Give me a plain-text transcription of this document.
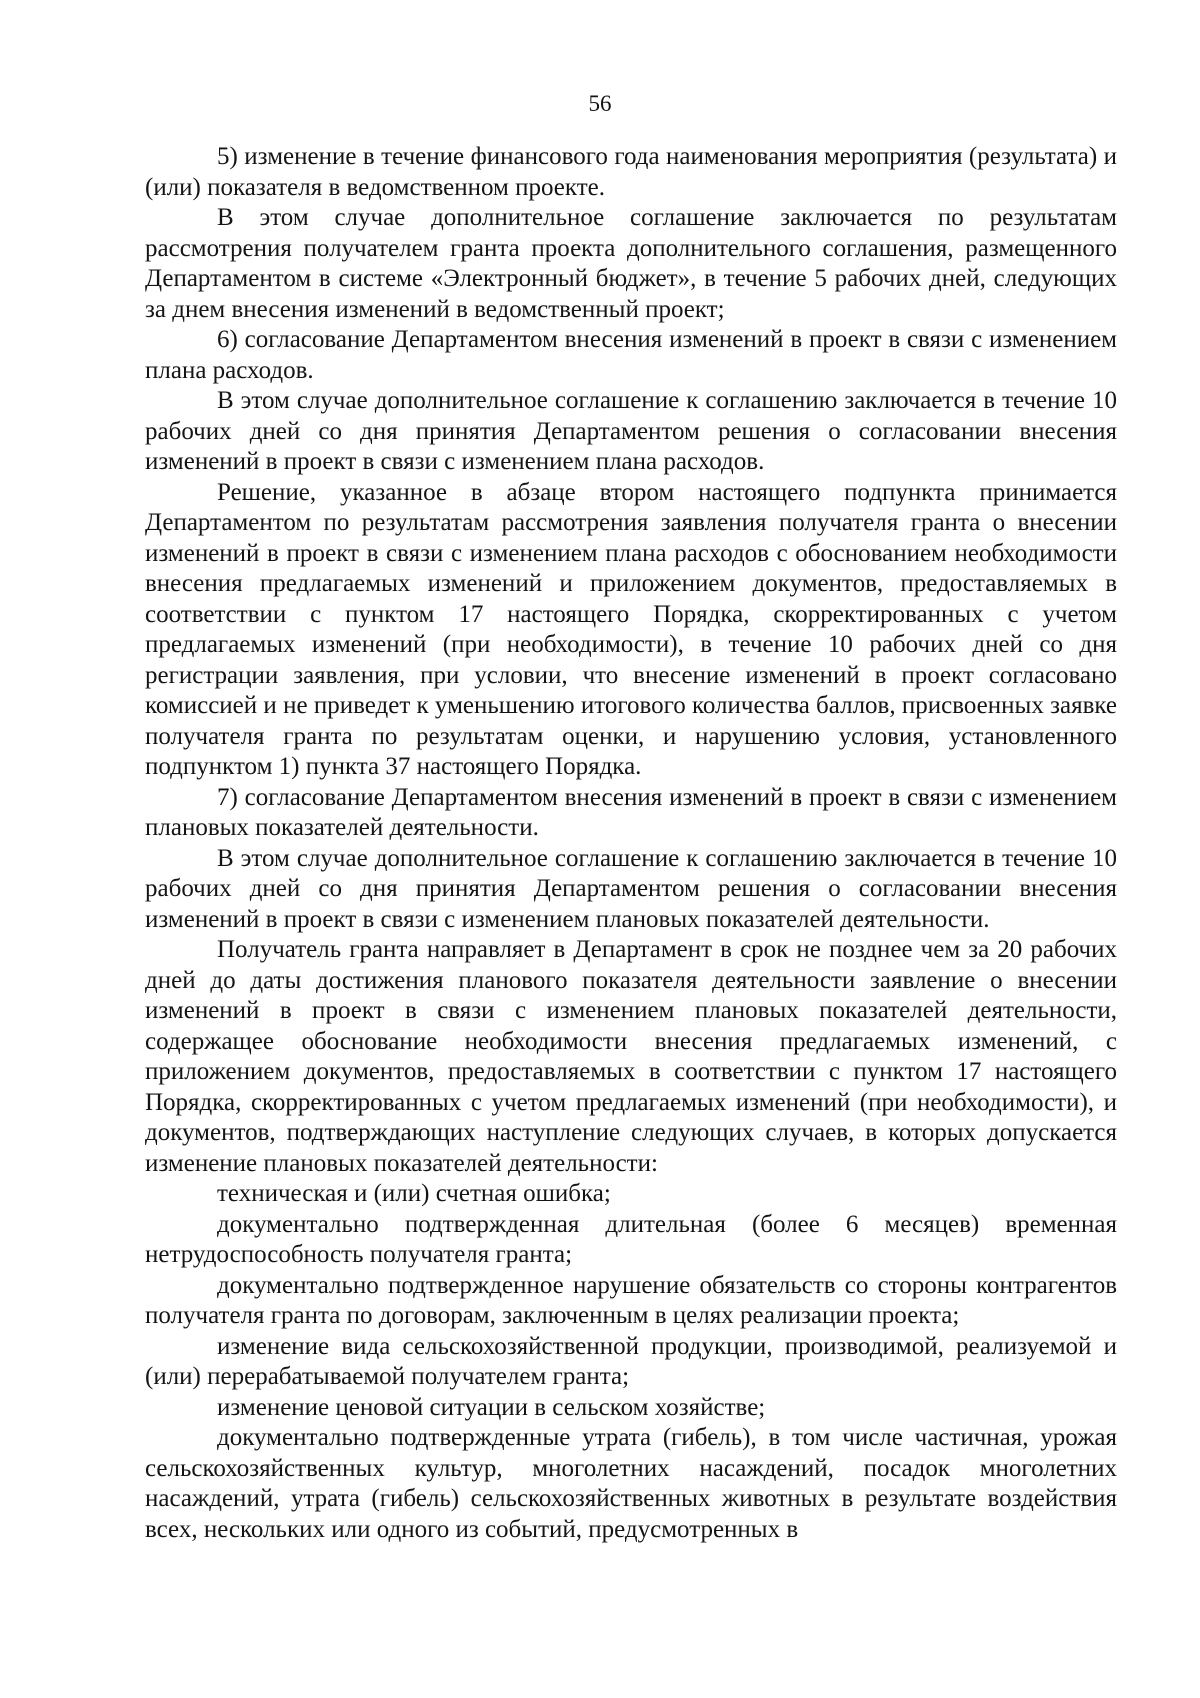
56

5) изменение в течение финансового года наименования мероприятия (результата) и (или) показателя в ведомственном проекте.

В этом случае дополнительное соглашение заключается по результатам рассмотрения получателем гранта проекта дополнительного соглашения, размещенного Департаментом в системе «Электронный бюджет», в течение 5 рабочих дней, следующих за днем внесения изменений в ведомственный проект;

6) согласование Департаментом внесения изменений в проект в связи с изменением плана расходов.

В этом случае дополнительное соглашение к соглашению заключается в течение 10 рабочих дней со дня принятия Департаментом решения о согласовании внесения изменений в проект в связи с изменением плана расходов.

Решение, указанное в абзаце втором настоящего подпункта принимается Департаментом по результатам рассмотрения заявления получателя гранта о внесении изменений в проект в связи с изменением плана расходов с обоснованием необходимости внесения предлагаемых изменений и приложением документов, предоставляемых в соответствии с пунктом 17 настоящего Порядка, скорректированных с учетом предлагаемых изменений (при необходимости), в течение 10 рабочих дней со дня регистрации заявления, при условии, что внесение изменений в проект согласовано комиссией и не приведет к уменьшению итогового количества баллов, присвоенных заявке получателя гранта по результатам оценки, и нарушению условия, установленного подпунктом 1) пункта 37 настоящего Порядка.

7) согласование Департаментом внесения изменений в проект в связи с изменением плановых показателей деятельности.

В этом случае дополнительное соглашение к соглашению заключается в течение 10 рабочих дней со дня принятия Департаментом решения о согласовании внесения изменений в проект в связи с изменением плановых показателей деятельности.

Получатель гранта направляет в Департамент в срок не позднее чем за 20 рабочих дней до даты достижения планового показателя деятельности заявление о внесении изменений в проект в связи с изменением плановых показателей деятельности, содержащее обоснование необходимости внесения предлагаемых изменений, с приложением документов, предоставляемых в соответствии с пунктом 17 настоящего Порядка, скорректированных с учетом предлагаемых изменений (при необходимости), и документов, подтверждающих наступление следующих случаев, в которых допускается изменение плановых показателей деятельности:

техническая и (или) счетная ошибка;

документально подтвержденная длительная (более 6 месяцев) временная нетрудоспособность получателя гранта;

документально подтвержденное нарушение обязательств со стороны контрагентов получателя гранта по договорам, заключенным в целях реализации проекта;

изменение вида сельскохозяйственной продукции, производимой, реализуемой и (или) перерабатываемой получателем гранта;

изменение ценовой ситуации в сельском хозяйстве;

документально подтвержденные утрата (гибель), в том числе частичная, урожая сельскохозяйственных культур, многолетних насаждений, посадок многолетних насаждений, утрата (гибель) сельскохозяйственных животных в результате воздействия всех, нескольких или одного из событий, предусмотренных в
